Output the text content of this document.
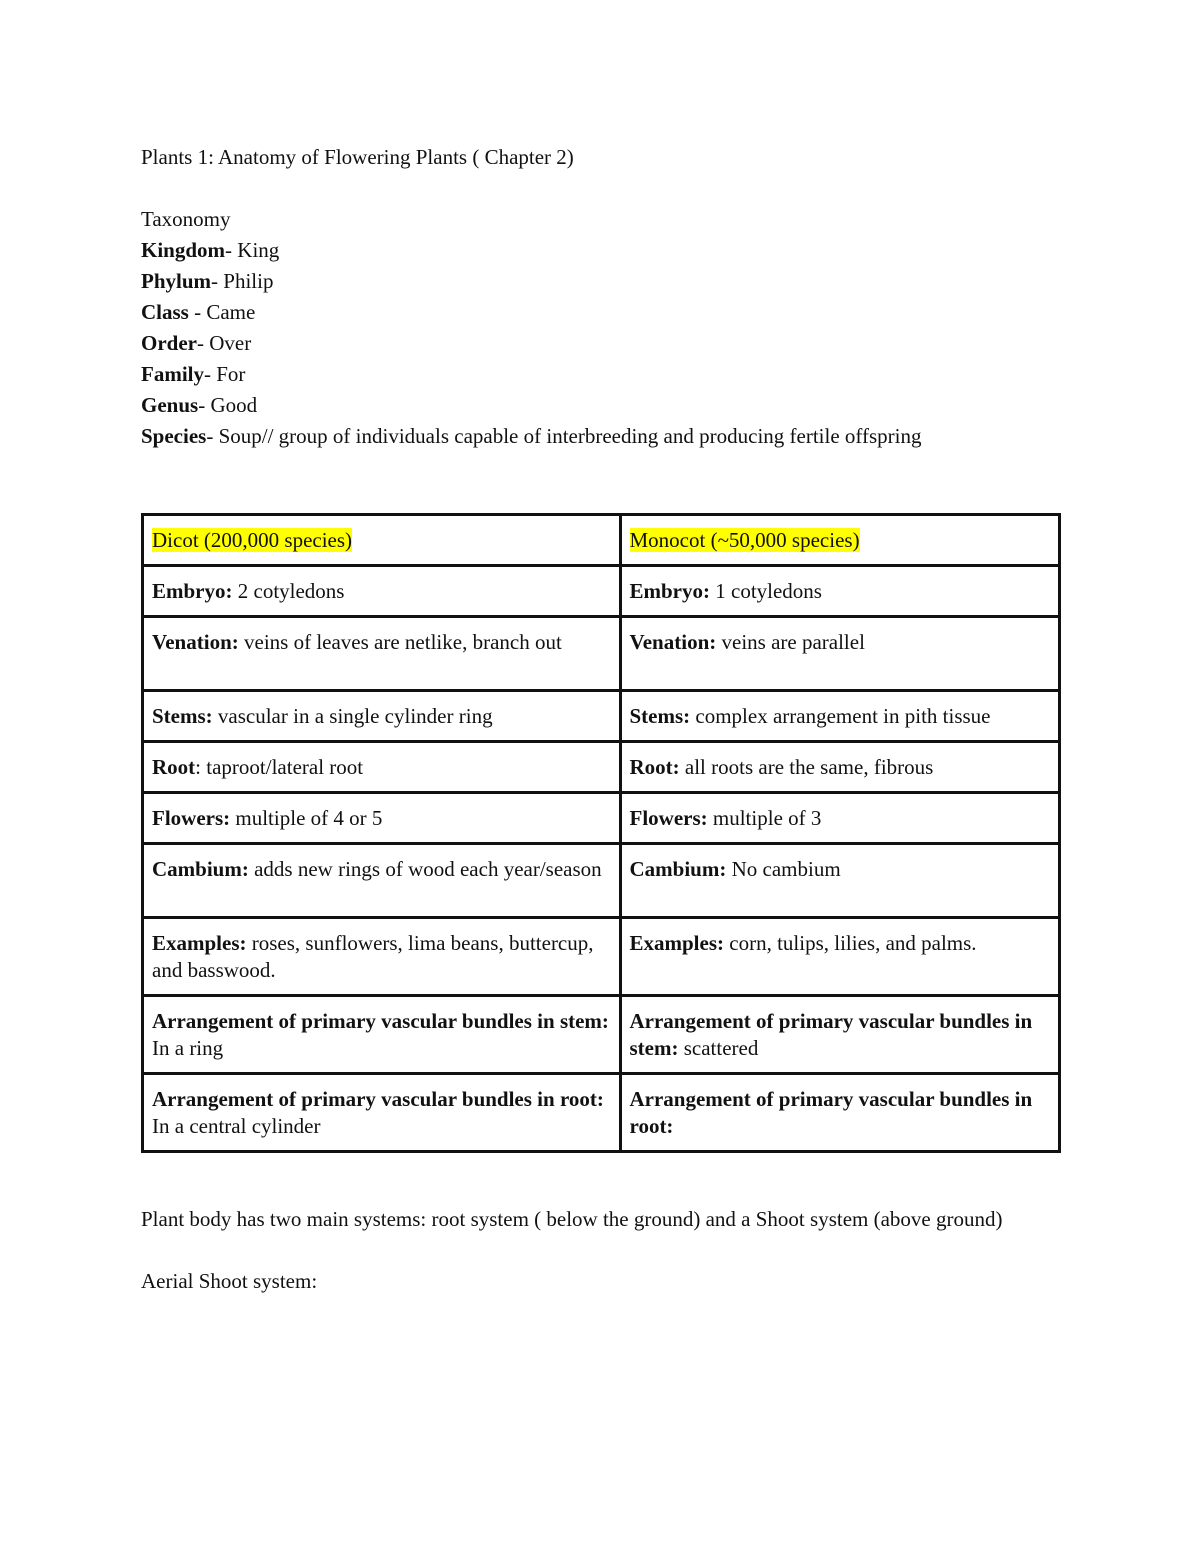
Plants 1: Anatomy of Flowering Plants ( Chapter 2)

Taxonomy

Kingdom- King

Phylum- Philip

Class - Came

Order- Over

Family- For

Genus- Good

Species- Soup// group of individuals capable of interbreeding and producing fertile offspring

Dicot (200,000 species)	Monocot (~50,000 species)
Embryo: 2 cotyledons	Embryo: 1 cotyledons
Venation: veins of leaves are netlike, branch out	Venation: veins are parallel
Stems: vascular in a single cylinder ring	Stems: complex arrangement in pith tissue
Root: taproot/lateral root	Root: all roots are the same, fibrous
Flowers: multiple of 4 or 5	Flowers: multiple of 3
Cambium: adds new rings of wood each year/season	Cambium: No cambium
Examples: roses, sunflowers, lima beans, buttercup, and basswood.	Examples: corn, tulips, lilies, and palms.
Arrangement of primary vascular bundles in stem: In a ring	Arrangement of primary vascular bundles in stem: scattered
Arrangement of primary vascular bundles in root: In a central cylinder	Arrangement of primary vascular bundles in root:

Plant body has two main systems: root system ( below the ground) and a Shoot system (above ground)

Aerial Shoot system:
